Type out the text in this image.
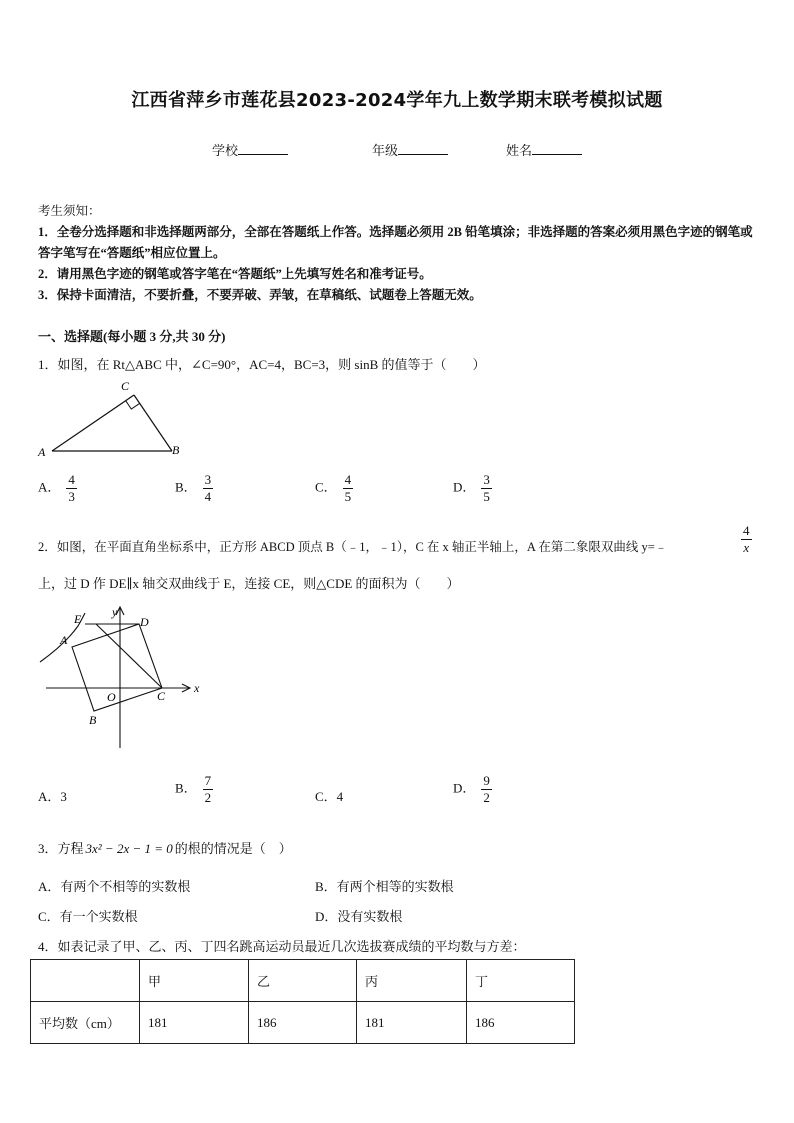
江西省萍乡市莲花县2023-2024学年九上数学期末联考模拟试题
学校	年级	姓名
考生须知：
1．全卷分选择题和非选择题两部分，全部在答题纸上作答。选择题必须用 2B 铅笔填涂；非选择题的答案必须用黑色字迹的钢笔或答字笔写在“答题纸”相应位置上。
2．请用黑色字迹的钢笔或答字笔在“答题纸”上先填写姓名和准考证号。
3．保持卡面清洁，不要折叠，不要弄破、弄皱，在草稿纸、试题卷上答题无效。
一、选择题(每小题 3 分,共 30 分)
1．如图，在 Rt△ABC 中，∠C=90°，AC=4，BC=3，则 sinB 的值等于（　　）
A
C
B
A． $\frac{4}{3}$	B． $\frac{3}{4}$	C． $\frac{4}{5}$	D． $\frac{3}{5}$
2．如图，在平面直角坐标系中，正方形 ABCD 顶点 B（﹣1，﹣1），C 在 x 轴正半轴上，A 在第二象限双曲线 y=﹣	$\frac{4}{x}$
上，过 D 作 DE∥x 轴交双曲线于 E，连接 CE，则△CDE 的面积为（　　）
E
A
D
y
x
O	C
B
A．3
B． $\frac{7}{2}$	C．4
D． $\frac{9}{2}$
3．方程 3x² − 2x − 1 = 0 的根的情况是（　）
A．有两个不相等的实数根	B．有两个相等的实数根
C．有一个实数根	D．没有实数根
4．如表记录了甲、乙、丙、丁四名跳高运动员最近几次选拔赛成绩的平均数与方差：
	甲	乙	丙	丁
平均数（cm）	181	186	181	186
